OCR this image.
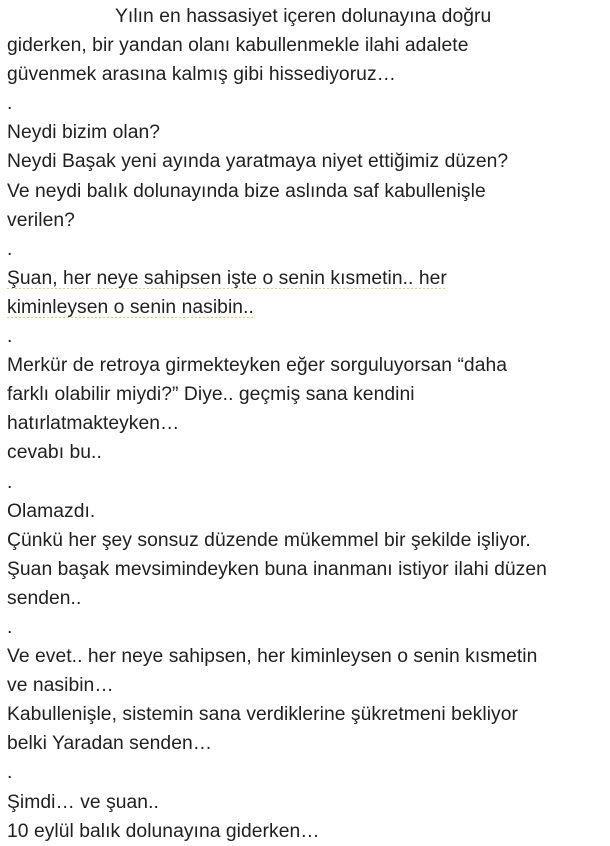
Yılın en hassasiyet içeren dolunayına doğru
giderken, bir yandan olanı kabullenmekle ilahi adalete
güvenmek arasına kalmış gibi hissediyoruz…
.
Neydi bizim olan?
Neydi Başak yeni ayında yaratmaya niyet ettiğimiz düzen?
Ve neydi balık dolunayında bize aslında saf kabullenişle
verilen?
.
Şuan, her neye sahipsen işte o senin kısmetin.. her
kiminleysen o senin nasibin..
.
Merkür de retroya girmekteyken eğer sorguluyorsan “daha
farklı olabilir miydi?” Diye.. geçmiş sana kendini
hatırlatmakteyken…
cevabı bu..
.
Olamazdı.
Çünkü her şey sonsuz düzende mükemmel bir şekilde işliyor.
Şuan başak mevsimindeyken buna inanmanı istiyor ilahi düzen
senden..
.
Ve evet.. her neye sahipsen, her kiminleysen o senin kısmetin
ve nasibin…
Kabullenişle, sistemin sana verdiklerine şükretmeni bekliyor
belki Yaradan senden…
.
Şimdi… ve şuan..
10 eylül balık dolunayına giderken…
